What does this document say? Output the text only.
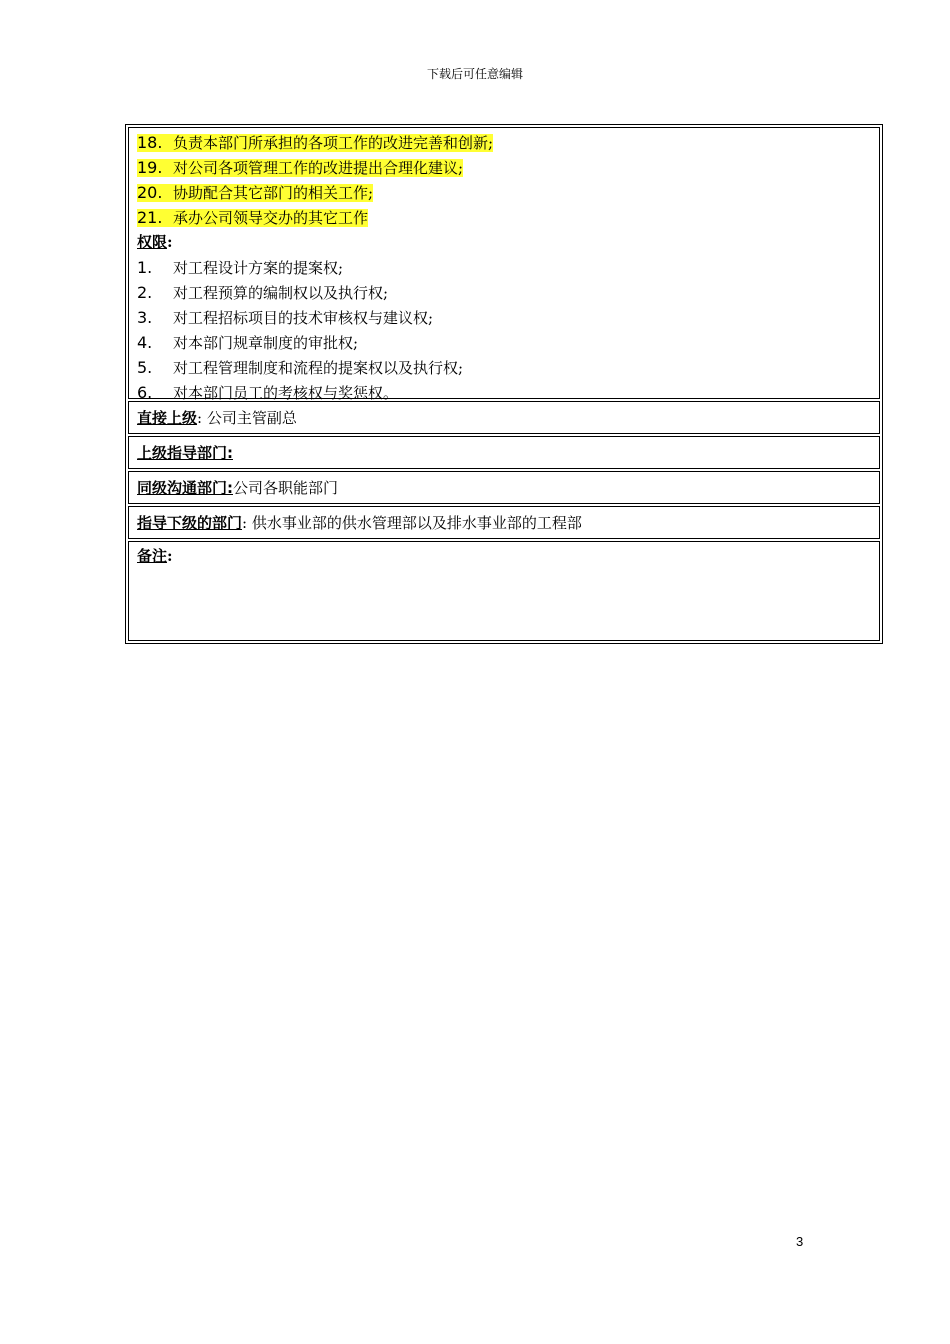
下载后可任意编辑
18. 负责本部门所承担的各项工作的改进完善和创新;
19. 对公司各项管理工作的改进提出合理化建议;
20. 协助配合其它部门的相关工作;
21. 承办公司领导交办的其它工作
权限:
1. 对工程设计方案的提案权;
2. 对工程预算的编制权以及执行权;
3. 对工程招标项目的技术审核权与建议权;
4. 对本部门规章制度的审批权;
5. 对工程管理制度和流程的提案权以及执行权;
6. 对本部门员工的考核权与奖惩权。
直接上级 : 公司主管副总
上级指导部门:
同级沟通部门: 公司各职能部门
指导下级的部门 : 供水事业部的供水管理部以及排水事业部的工程部
备注:
3
